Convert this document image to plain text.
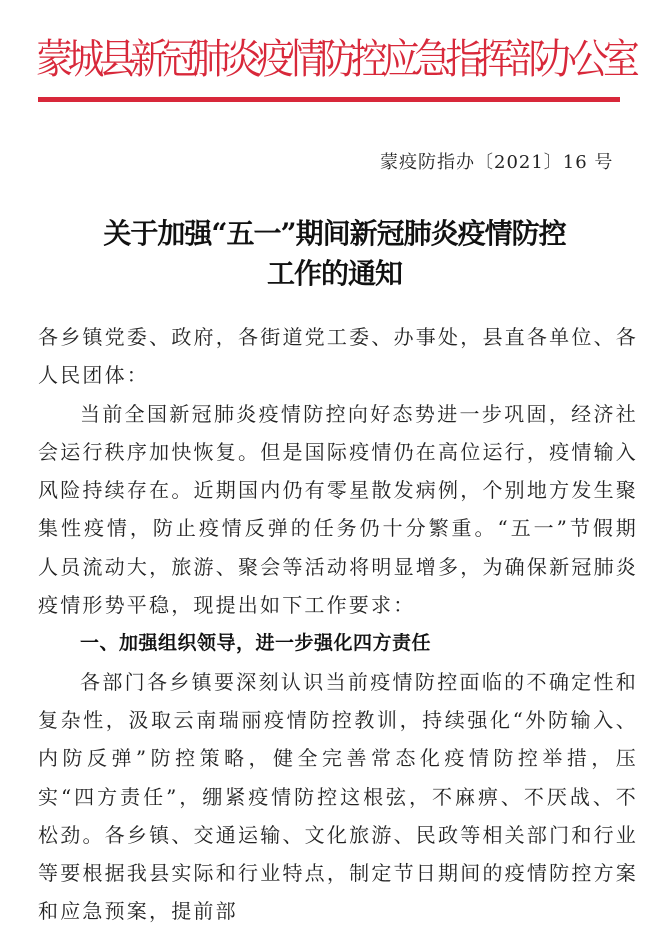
蒙城县新冠肺炎疫情防控应急指挥部办公室
蒙疫防指办〔2021〕16 号
关于加强“五一”期间新冠肺炎疫情防控
工作的通知

各乡镇党委、政府，各街道党工委、办事处，县直各单位、各人民团体：

当前全国新冠肺炎疫情防控向好态势进一步巩固，经济社会运行秩序加快恢复。但是国际疫情仍在高位运行，疫情输入风险持续存在。近期国内仍有零星散发病例，个别地方发生聚集性疫情，防止疫情反弹的任务仍十分繁重。“五一”节假期人员流动大，旅游、聚会等活动将明显增多，为确保新冠肺炎疫情形势平稳，现提出如下工作要求：

一、加强组织领导，进一步强化四方责任

各部门各乡镇要深刻认识当前疫情防控面临的不确定性和复杂性，汲取云南瑞丽疫情防控教训，持续强化“外防输入、内防反弹”防控策略，健全完善常态化疫情防控举措，压实“四方责任”，绷紧疫情防控这根弦，不麻痹、不厌战、不松劲。各乡镇、交通运输、文化旅游、民政等相关部门和行业等要根据我县实际和行业特点，制定节日期间的疫情防控方案和应急预案，提前部
